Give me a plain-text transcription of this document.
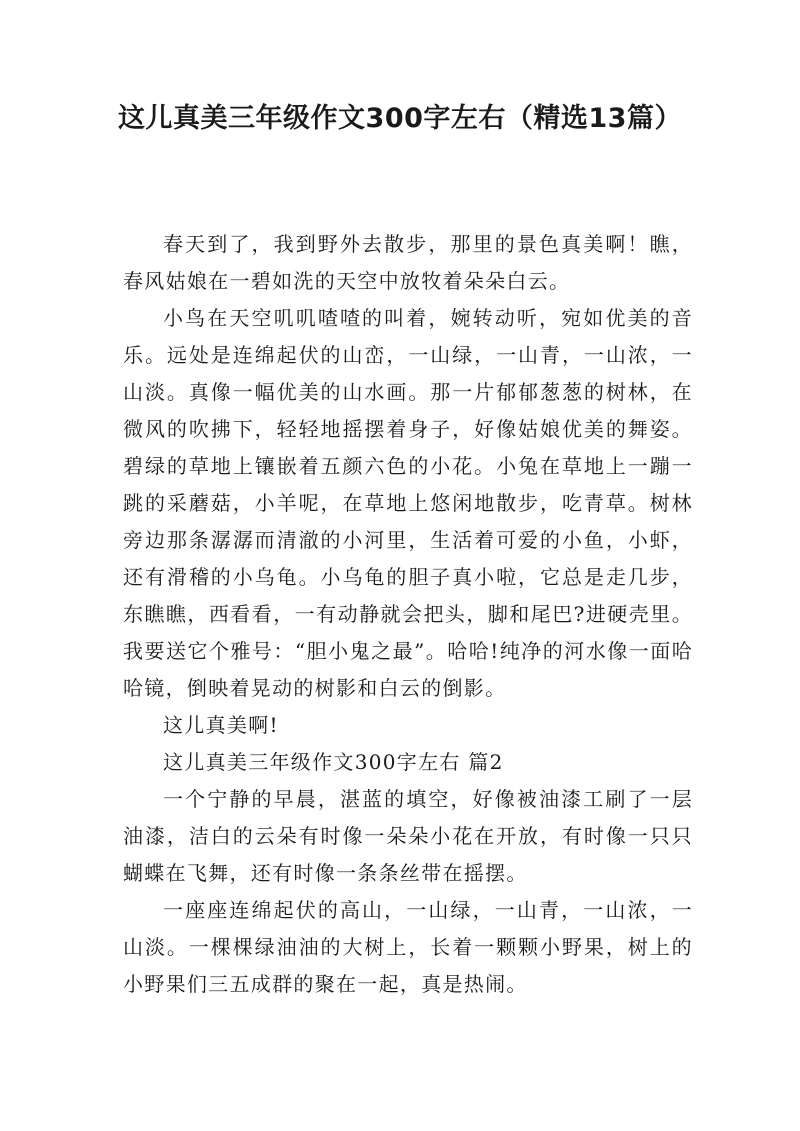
这儿真美三年级作文300字左右（精选13篇）

春天到了，我到野外去散步，那里的景色真美啊！瞧，春风姑娘在一碧如洗的天空中放牧着朵朵白云。

小鸟在天空叽叽喳喳的叫着，婉转动听，宛如优美的音乐。远处是连绵起伏的山峦，一山绿，一山青，一山浓，一山淡。真像一幅优美的山水画。那一片郁郁葱葱的树林，在微风的吹拂下，轻轻地摇摆着身子，好像姑娘优美的舞姿。碧绿的草地上镶嵌着五颜六色的小花。小兔在草地上一蹦一跳的采蘑菇，小羊呢，在草地上悠闲地散步，吃青草。树林旁边那条潺潺而清澈的小河里，生活着可爱的小鱼，小虾，还有滑稽的小乌龟。小乌龟的胆子真小啦，它总是走几步，东瞧瞧，西看看，一有动静就会把头，脚和尾巴?进硬壳里。我要送它个雅号：“胆小鬼之最”。哈哈!纯净的河水像一面哈哈镜，倒映着晃动的树影和白云的倒影。

这儿真美啊!

这儿真美三年级作文300字左右 篇2

一个宁静的早晨，湛蓝的填空，好像被油漆工刷了一层油漆，洁白的云朵有时像一朵朵小花在开放，有时像一只只蝴蝶在飞舞，还有时像一条条丝带在摇摆。

一座座连绵起伏的高山，一山绿，一山青，一山浓，一山淡。一棵棵绿油油的大树上，长着一颗颗小野果，树上的小野果们三五成群的聚在一起，真是热闹。
